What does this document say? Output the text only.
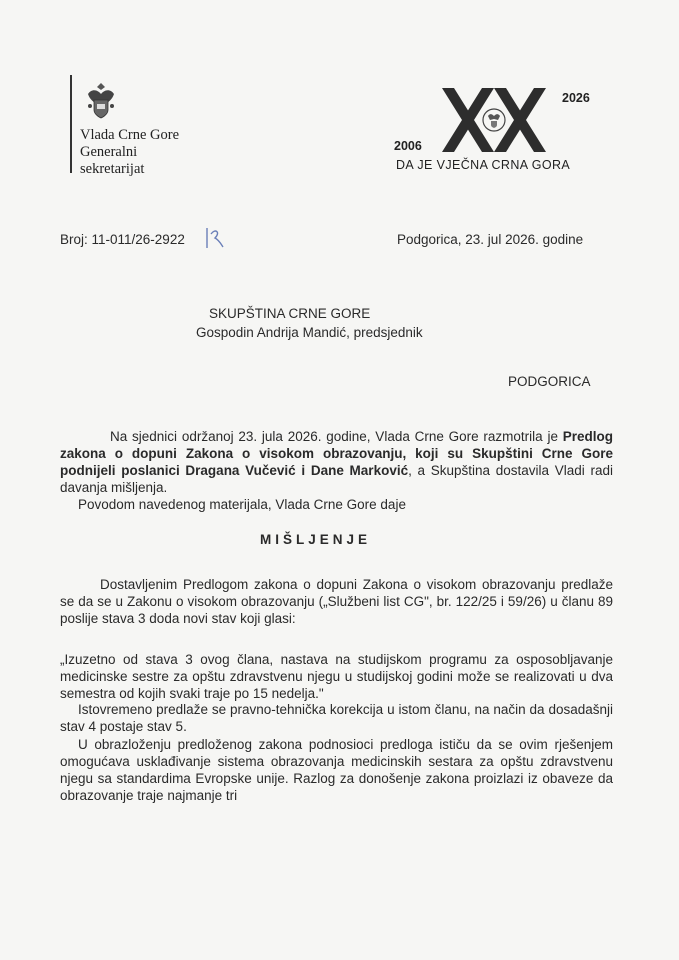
Vlada Crne Gore
Generalni
sekretarijat
2026
2006
DA JE VJEČNA CRNA GORA
Broj: 11-011/26-2922	Podgorica, 23. jul 2026. godine
SKUPŠTINA CRNE GORE
Gospodin Andrija Mandić, predsjednik
PODGORICA
Na sjednici održanoj 23. jula 2026. godine, Vlada Crne Gore razmotrila je Predlog zakona o dopuni Zakona o visokom obrazovanju, koji su Skupštini Crne Gore podnijeli poslanici Dragana Vučević i Dane Marković, a Skupština dostavila Vladi radi davanja mišljenja.
Povodom navedenog materijala, Vlada Crne Gore daje
MIŠLJENJE
Dostavljenim Predlogom zakona o dopuni Zakona o visokom obrazovanju predlaže se da se u Zakonu o visokom obrazovanju („Službeni list CG", br. 122/25 i 59/26) u članu 89 poslije stava 3 doda novi stav koji glasi:
„Izuzetno od stava 3 ovog člana, nastava na studijskom programu za osposobljavanje medicinske sestre za opštu zdravstvenu njegu u studijskoj godini može se realizovati u dva semestra od kojih svaki traje po 15 nedelja."
Istovremeno predlaže se pravno-tehnička korekcija u istom članu, na način da dosadašnji stav 4 postaje stav 5.
U obrazloženju predloženog zakona podnosioci predloga ističu da se ovim rješenjem omogućava usklađivanje sistema obrazovanja medicinskih sestara za opštu zdravstvenu njegu sa standardima Evropske unije. Razlog za donošenje zakona proizlazi iz obaveze da obrazovanje traje najmanje tri
